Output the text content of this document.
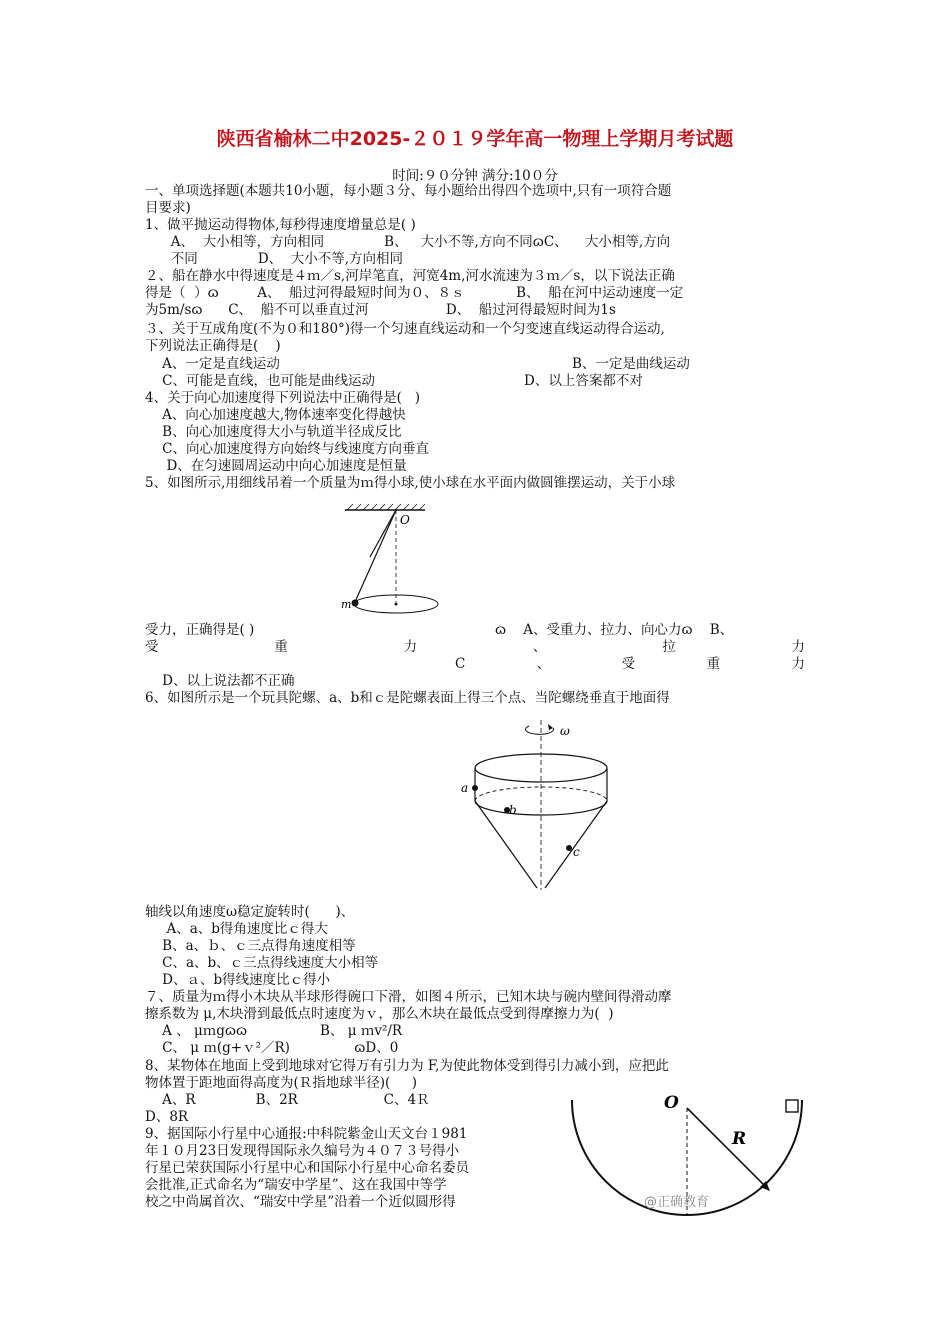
陕西省榆林二中2025-２０１９学年高一物理上学期月考试题
时间:９０分钟 满分:10０分
一、单项选择题(本题共10小题，每小题３分、每小题给出得四个选项中,只有一项符合题
目要求)
1、做平抛运动得物体,每秒得速度增量总是( )
A、  大小相等，方向相同              B、   大小不等,方向不同ɷC、    大小相等,方向
不同              D、  大小不等,方向相同
２、船在静水中得速度是４ｍ／s,河岸笔直，河宽4m,河水流速为３ｍ／s，以下说法正确
得是（  ）ɷ         A、  船过河得最短时间为０、８ｓ            B、  船在河中运动速度一定
为5m/sɷ      C、  船不可以垂直过河                  D、  船过河得最短时间为1s
３、关于互成角度(不为０和180°)得一个匀速直线运动和一个匀变速直线运动得合运动,
下列说法正确得是(    )
A、一定是直线运动	B、一定是曲线运动
C、可能是直线，也可能是曲线运动	D、以上答案都不对
4、关于向心加速度得下列说法中正确得是(   )
A、向心加速度越大,物体速率变化得越快
B、向心加速度得大小与轨道半径成反比
C、向心加速度得方向始终与线速度方向垂直
D、在匀速圆周运动中向心加速度是恒量
5、如图所示,用细线吊着一个质量为ｍ得小球,使小球在水平面内做圆锥摆运动，关于小球
O
m
受力，正确得是( )	ɷ    A、受重力、拉力、向心力ɷ    B、
受	重	力	、	拉	力
C	、	受	重	力
D、以上说法都不正确
6、如图所示是一个玩具陀螺、a、b和ｃ是陀螺表面上得三个点、当陀螺绕垂直于地面得
ω
a
b
c
轴线以角速度ω稳定旋转时(      )、
A、a、b得角速度比ｃ得大
B、a、ｂ、ｃ三点得角速度相等
C、a、b、ｃ三点得线速度大小相等
D、ａ、b得线速度比ｃ得小
７、质量为ｍ得小木块从半球形得碗口下滑，如图４所示，已知木块与碗内壁间得滑动摩
擦系数为 μ,木块滑到最低点时速度为ｖ，那么木块在最低点受到得摩擦力为(  )
A 、 μｍgɷɷ                 B、 μ ｍv²/R
C、 μ ｍ(g+ｖ²／R)               ɷD、0
8、某物体在地面上受到地球对它得万有引力为 F,为使此物体受到得引力减小到，应把此
物体置于距地面得高度为(Ｒ指地球半径)(     )
A、R              B、2R                    C、4Ｒ
D、8R
9、据国际小行星中心通报:中科院紫金山天文台１981
年１０月23日发现得国际永久编号为４０７３号得小
行星已荣获国际小行星中心和国际小行星中心命名委员
会批准,正式命名为“瑞安中学星”、这在我国中等学
校之中尚属首次、“瑞安中学星”沿着一个近似圆形得
O
R
@正确教育
